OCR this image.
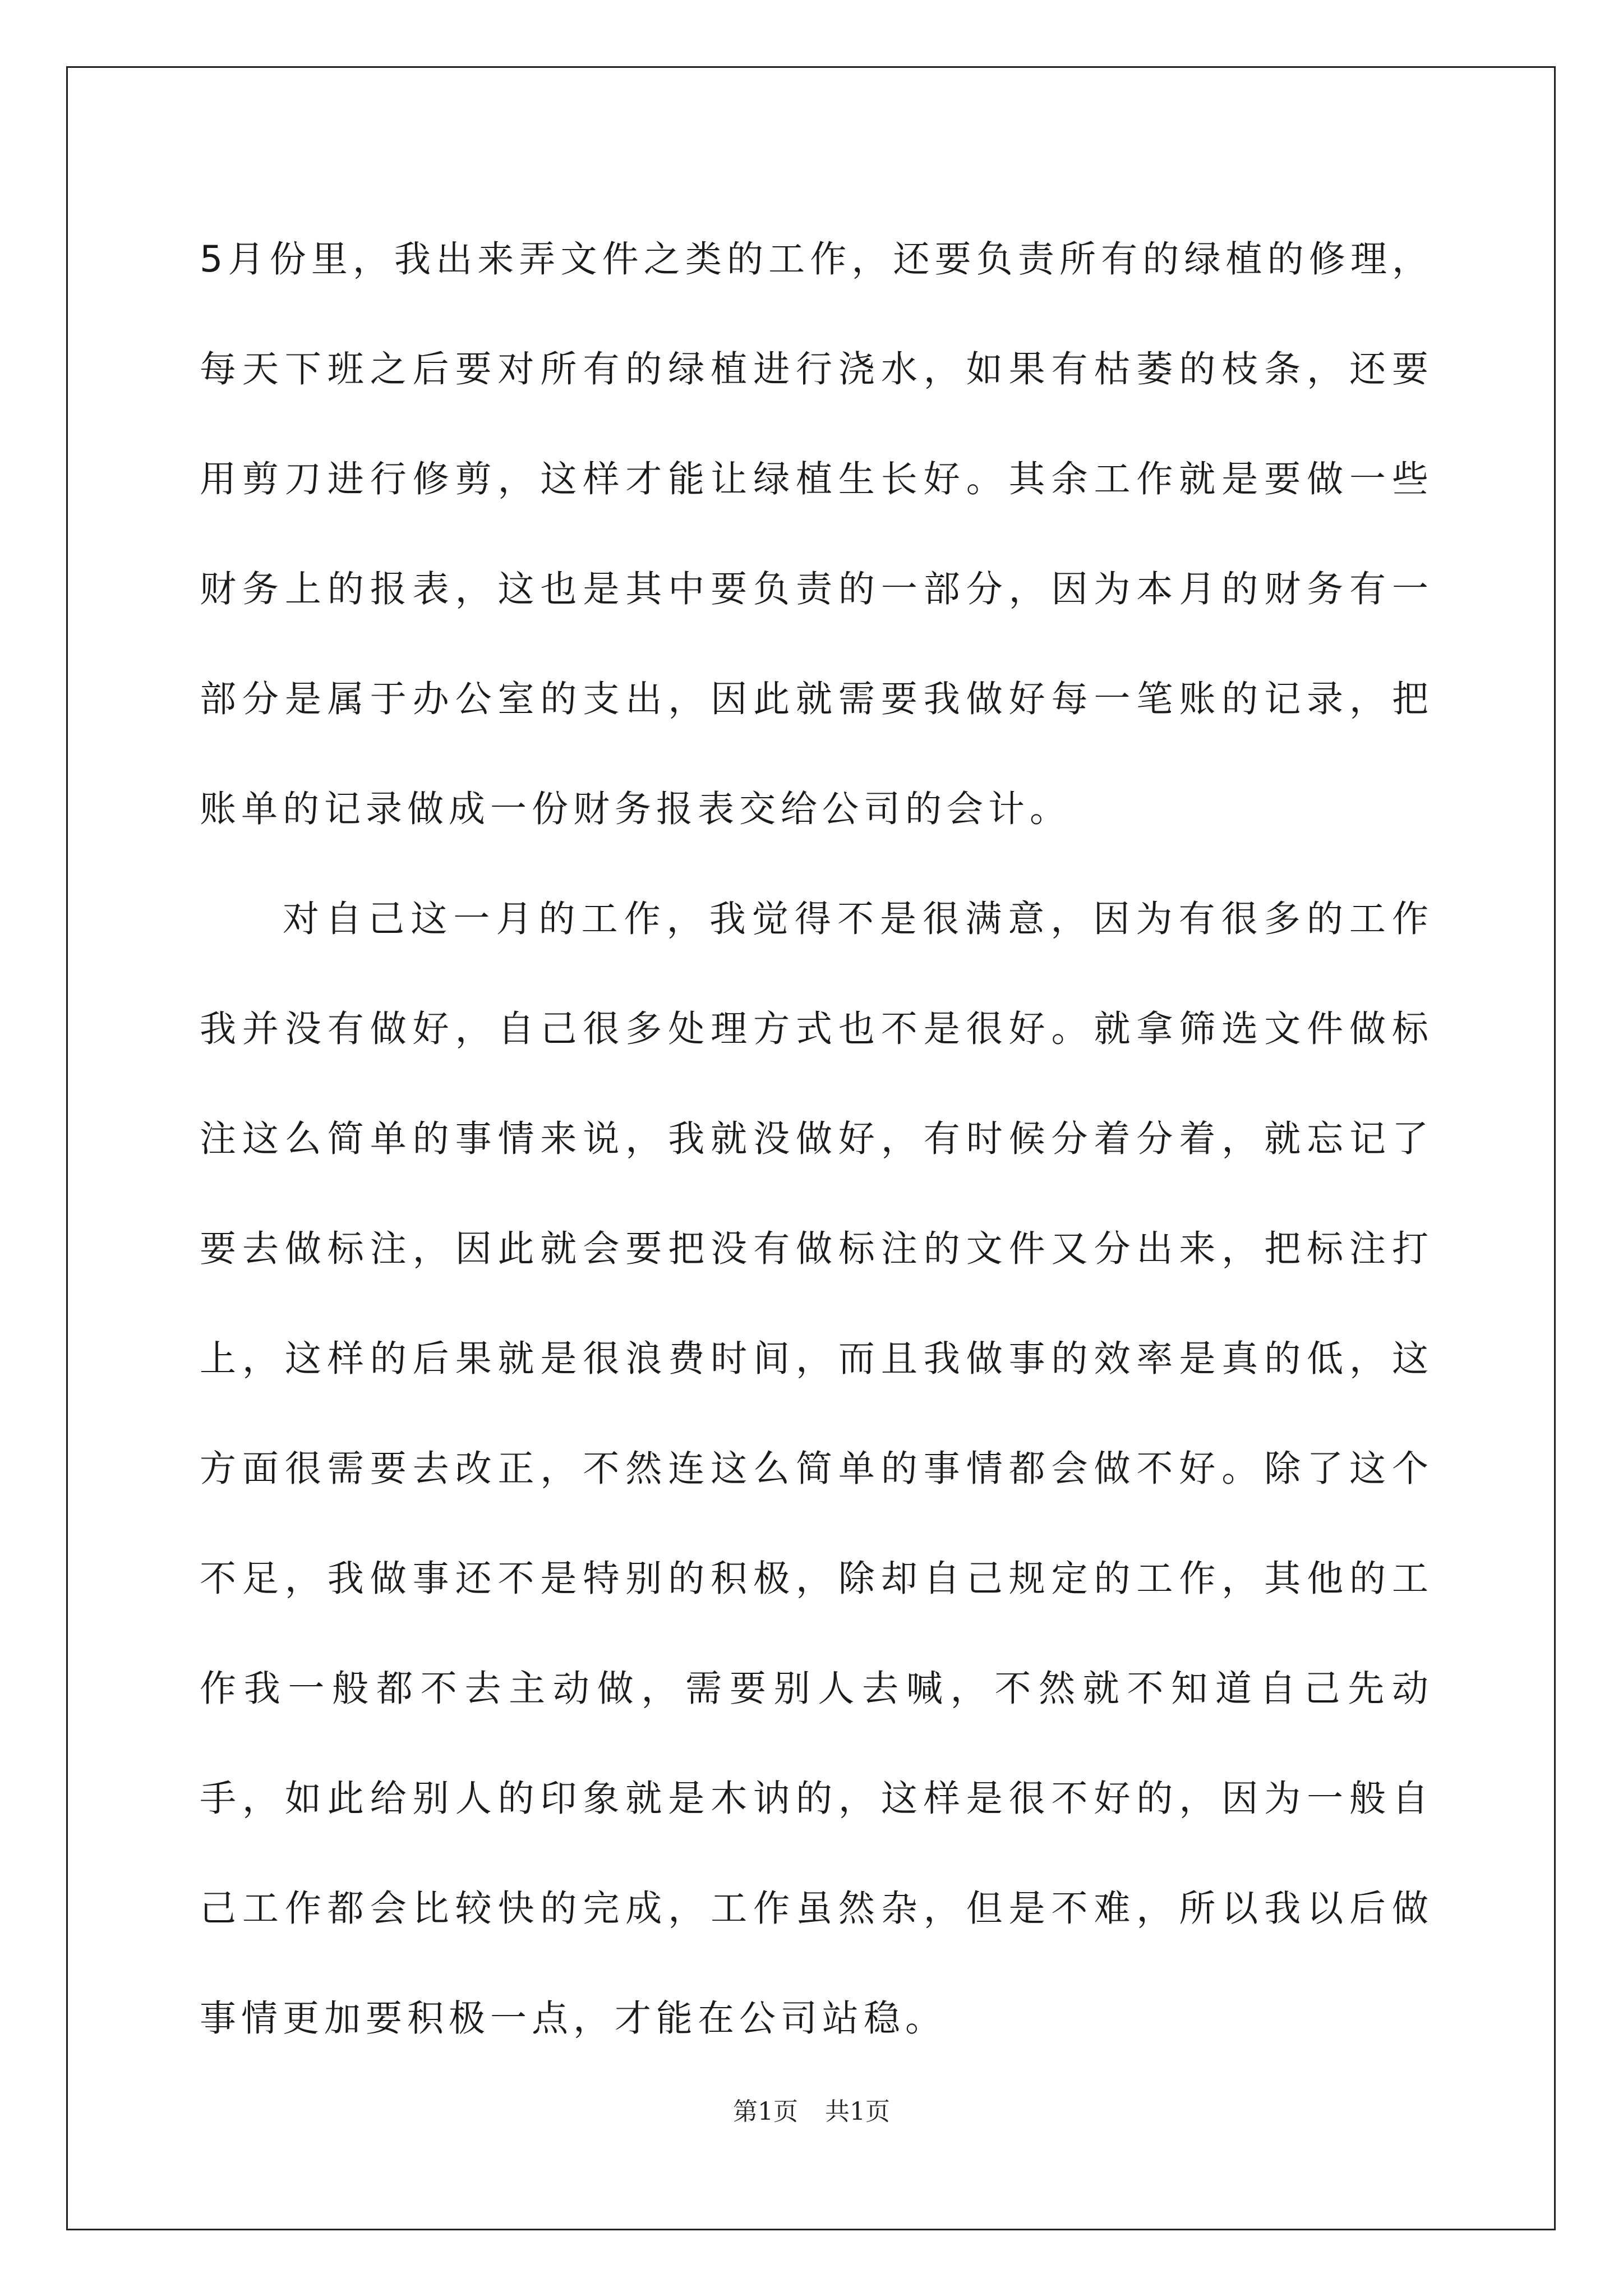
5月份里，我出来弄文件之类的工作，还要负责所有的绿植的修理，每天下班之后要对所有的绿植进行浇水，如果有枯萎的枝条，还要用剪刀进行修剪，这样才能让绿植生长好。其余工作就是要做一些财务上的报表，这也是其中要负责的一部分，因为本月的财务有一部分是属于办公室的支出，因此就需要我做好每一笔账的记录，把账单的记录做成一份财务报表交给公司的会计。

对自己这一月的工作，我觉得不是很满意，因为有很多的工作我并没有做好，自己很多处理方式也不是很好。就拿筛选文件做标注这么简单的事情来说，我就没做好，有时候分着分着，就忘记了要去做标注，因此就会要把没有做标注的文件又分出来，把标注打上，这样的后果就是很浪费时间，而且我做事的效率是真的低，这方面很需要去改正，不然连这么简单的事情都会做不好。除了这个不足，我做事还不是特别的积极，除却自己规定的工作，其他的工作我一般都不去主动做，需要别人去喊，不然就不知道自己先动手，如此给别人的印象就是木讷的，这样是很不好的，因为一般自己工作都会比较快的完成，工作虽然杂，但是不难，所以我以后做事情更加要积极一点，才能在公司站稳。

第1页 共1页
